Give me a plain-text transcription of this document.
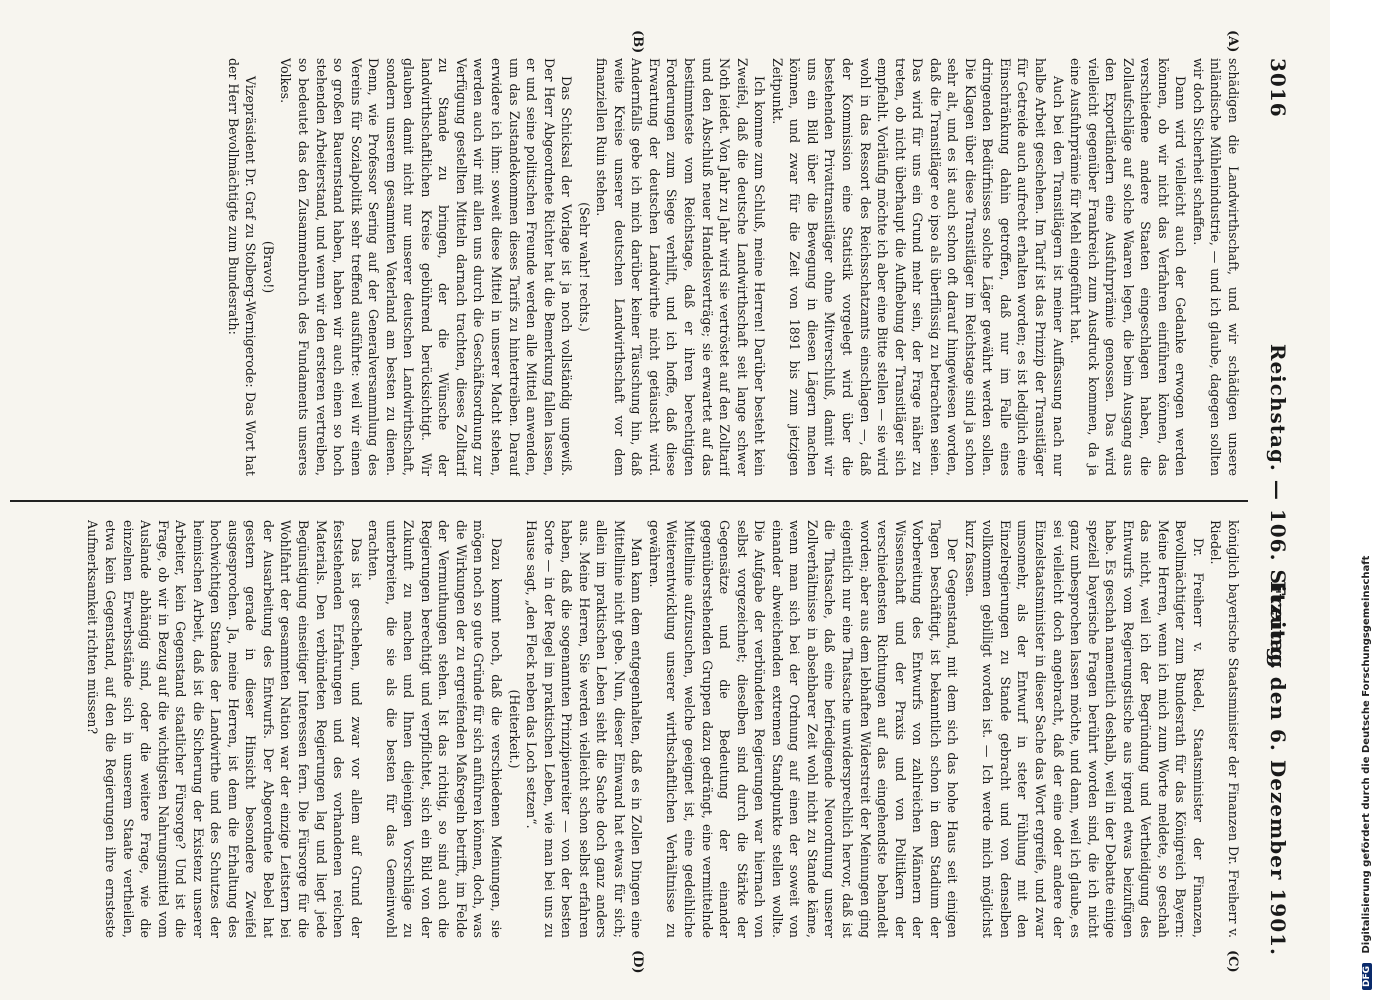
3016
Reichstag. — 106. Sitzung.
Freitag den 6. Dezember 1901.
(A)
(B)
(C)
(D)

schädigen die Landwirthschaft, und wir schädigen unsere inländische Mühlenindustrie, — und ich glaube, dagegen sollten wir doch Sicherheit schaffen.

Dann wird vielleicht auch der Gedanke erwogen werden können, ob wir nicht das Verfahren einführen können, das verschiedene andere Staaten eingeschlagen haben, die Zollaufschläge auf solche Waaren legen, die beim Ausgang aus den Exportländern eine Ausfuhrprämie genossen. Das wird vielleicht gegenüber Frankreich zum Ausdruck kommen, da ja eine Ausfuhrprämie für Mehl eingeführt hat.

Auch bei den Transitlägern ist meiner Auffassung nach nur halbe Arbeit geschehen. Im Tarif ist das Prinzip der Transitläger für Getreide auch aufrecht erhalten worden; es ist lediglich eine Einschränkung dahin getroffen, daß nur im Falle eines dringenden Bedürfnisses solche Läger gewährt werden sollen. Die Klagen über diese Transitläger im Reichstage sind ja schon sehr alt, und es ist auch schon oft darauf hingewiesen worden, daß die Transitläger eo ipso als überflüssig zu betrachten seien. Das wird für uns ein Grund mehr sein, der Frage näher zu treten, ob nicht überhaupt die Aufhebung der Transitläger sich empfiehlt. Vorläufig möchte ich aber eine Bitte stellen — sie wird wohl in das Ressort des Reichsschatzamts einschlagen —, daß der Kommission eine Statistik vorgelegt wird über die bestehenden Privattransitläger ohne Mitverschluß, damit wir uns ein Bild über die Bewegung in diesen Lägern machen können, und zwar für die Zeit von 1891 bis zum jetzigen Zeitpunkt.

Ich komme zum Schluß, meine Herren! Darüber besteht kein Zweifel, daß die deutsche Landwirthschaft seit lange schwer Noth leidet. Von Jahr zu Jahr wird sie vertröstet auf den Zolltarif und den Abschluß neuer Handelsverträge; sie erwartet auf das bestimmteste vom Reichstage, daß er ihren berechtigten Forderungen zum Siege verhilft, und ich hoffe, daß diese Erwartung der deutschen Landwirthe nicht getäuscht wird. Andernfalls gebe ich mich darüber keiner Täuschung hin, daß weite Kreise unserer deutschen Landwirthschaft vor dem finanziellen Ruin stehen.

(Sehr wahr! rechts.)

Das Schicksal der Vorlage ist ja noch vollständig ungewiß. Der Herr Abgeordnete Richter hat die Bemerkung fallen lassen, er und seine politischen Freunde werden alle Mittel anwenden, um das Zustandekommen dieses Tarifs zu hintertreiben. Darauf erwidere ich ihm: soweit diese Mittel in unserer Macht stehen, werden auch wir mit allen uns durch die Geschäftsordnung zur Verfügung gestellten Mitteln darnach trachten, dieses Zolltarif zu Stande zu bringen, der die Wünsche der landwirthschaftlichen Kreise gebührend berücksichtigt. Wir glauben damit nicht nur unserer deutschen Landwirthschaft, sondern unserem gesammten Vaterland am besten zu dienen. Denn, wie Professor Sering auf der Generalversammlung des Vereins für Sozialpolitik sehr treffend ausführte: weil wir einen so großen Bauernstand haben, haben wir auch einen so hoch stehenden Arbeiterstand, und wenn wir den ersteren vertreiben, so bedeutet das den Zusammenbruch des Fundaments unseres Volkes.

(Bravo!)

Vizepräsident Dr. Graf zu Stolberg-Wernigerode: Das Wort hat der Herr Bevollmächtigte zum Bundesrath:

königlich bayerische Staatsminister der Finanzen Dr. Freiherr v. Riedel.

Dr. Freiherr v. Riedel, Staatsminister der Finanzen, Bevollmächtigter zum Bundesrath für das Königreich Bayern: Meine Herren, wenn ich mich zum Worte meldete, so geschah das nicht, weil ich der Begründung und Vertheidigung des Entwurfs vom Regierungstische aus irgend etwas beizufügen habe. Es geschah namentlich deshalb, weil in der Debatte einige speziell bayerische Fragen berührt worden sind, die ich nicht ganz unbesprochen lassen möchte, und dann, weil ich glaube, es sei vielleicht doch angebracht, daß der eine oder andere der Einzelstaatsminister in dieser Sache das Wort ergreife, und zwar umsomehr, als der Entwurf in steter Fühlung mit den Einzelregierungen zu Stande gebracht und von denselben vollkommen gebilligt worden ist. — Ich werde mich möglichst kurz fassen.

Der Gegenstand, mit dem sich das hohe Haus seit einigen Tagen beschäftigt, ist bekanntlich schon in dem Stadium der Vorbereitung des Entwurfs von zahlreichen Männern der Wissenschaft und der Praxis und von Politikern der verschiedensten Richtungen auf das eingehendste behandelt worden; aber aus dem lebhaften Widerstreit der Meinungen ging eigentlich nur eine Thatsache unwidersprechlich hervor, daß ist die Thatsache, daß eine befriedigende Neuordnung unserer Zollverhältnisse in absehbarer Zeit wohl nicht zu Stande käme, wenn man sich bei der Ordnung auf einen der soweit von einander abweichenden extremen Standpunkte stellen wollte. Die Aufgabe der verbündeten Regierungen war hiernach von selbst vorgezeichnet; dieselben sind durch die Stärke der Gegensätze und die Bedeutung der einander gegenüberstehenden Gruppen dazu gedrängt, eine vermittelnde Mittellinie aufzusuchen, welche geeignet ist, eine gedeihliche Weiterentwicklung unserer wirthschaftlichen Verhältnisse zu gewähren.

Man kann dem entgegenhalten, daß es in Zollen Dingen eine Mittellinie nicht gebe. Nun, dieser Einwand hat etwas für sich; allein im praktischen Leben sieht die Sache doch ganz anders aus. Meine Herren, Sie werden vielleicht schon selbst erfahren haben, daß die sogenannten Prinzipienreiter — von der besten Sorte — in der Regel im praktischen Leben, wie man bei uns zu Hause sagt, „den Fleck neben das Loch setzen“.

(Heiterkeit.)

Dazu kommt noch, daß die verschiedenen Meinungen, sie mögen noch so gute Gründe für sich anführen können, doch, was die Wirkungen der zu ergreifenden Maßregeln betrifft, im Felde der Vermuthungen stehen. Ist das richtig, so sind auch die Regierungen berechtigt und verpflichtet, sich ein Bild von der Zukunft zu machen und Ihnen diejenigen Vorschläge zu unterbreiten, die sie als die besten für das Gemeinwohl erachten.

Das ist geschehen, und zwar vor allem auf Grund der feststehenden Erfahrungen und des vorhandenen reichen Materials. Den verbündeten Regierungen lag und liegt jede Begünstigung einseitiger Interessen fern. Die Fürsorge für die Wohlfahrt der gesammten Nation war der einzige Leitstern bei der Ausarbeitung des Entwurfs. Der Abgeordnete Bebel hat gestern gerade in dieser Hinsicht besondere Zweifel ausgesprochen. Ja, meine Herren, ist denn die Erhaltung des hochwichtigen Standes der Landwirthe und des Schutzes der heimischen Arbeit, daß ist die Sicherung der Existenz unserer Arbeiter, kein Gegenstand staatlicher Fürsorge? Und ist die Frage, ob wir in Bezug auf die wichtigsten Nahrungsmittel vom Auslande abhängig sind, oder die weitere Frage, wie die einzelnen Erwerbsstände sich in unserem Staate vertheilen, etwa kein Gegenstand, auf den die Regierungen ihre ernsteste Aufmerksamkeit richten müssen?

DFG Digitalisierung gefördert durch die Deutsche Forschungsgemeinschaft
